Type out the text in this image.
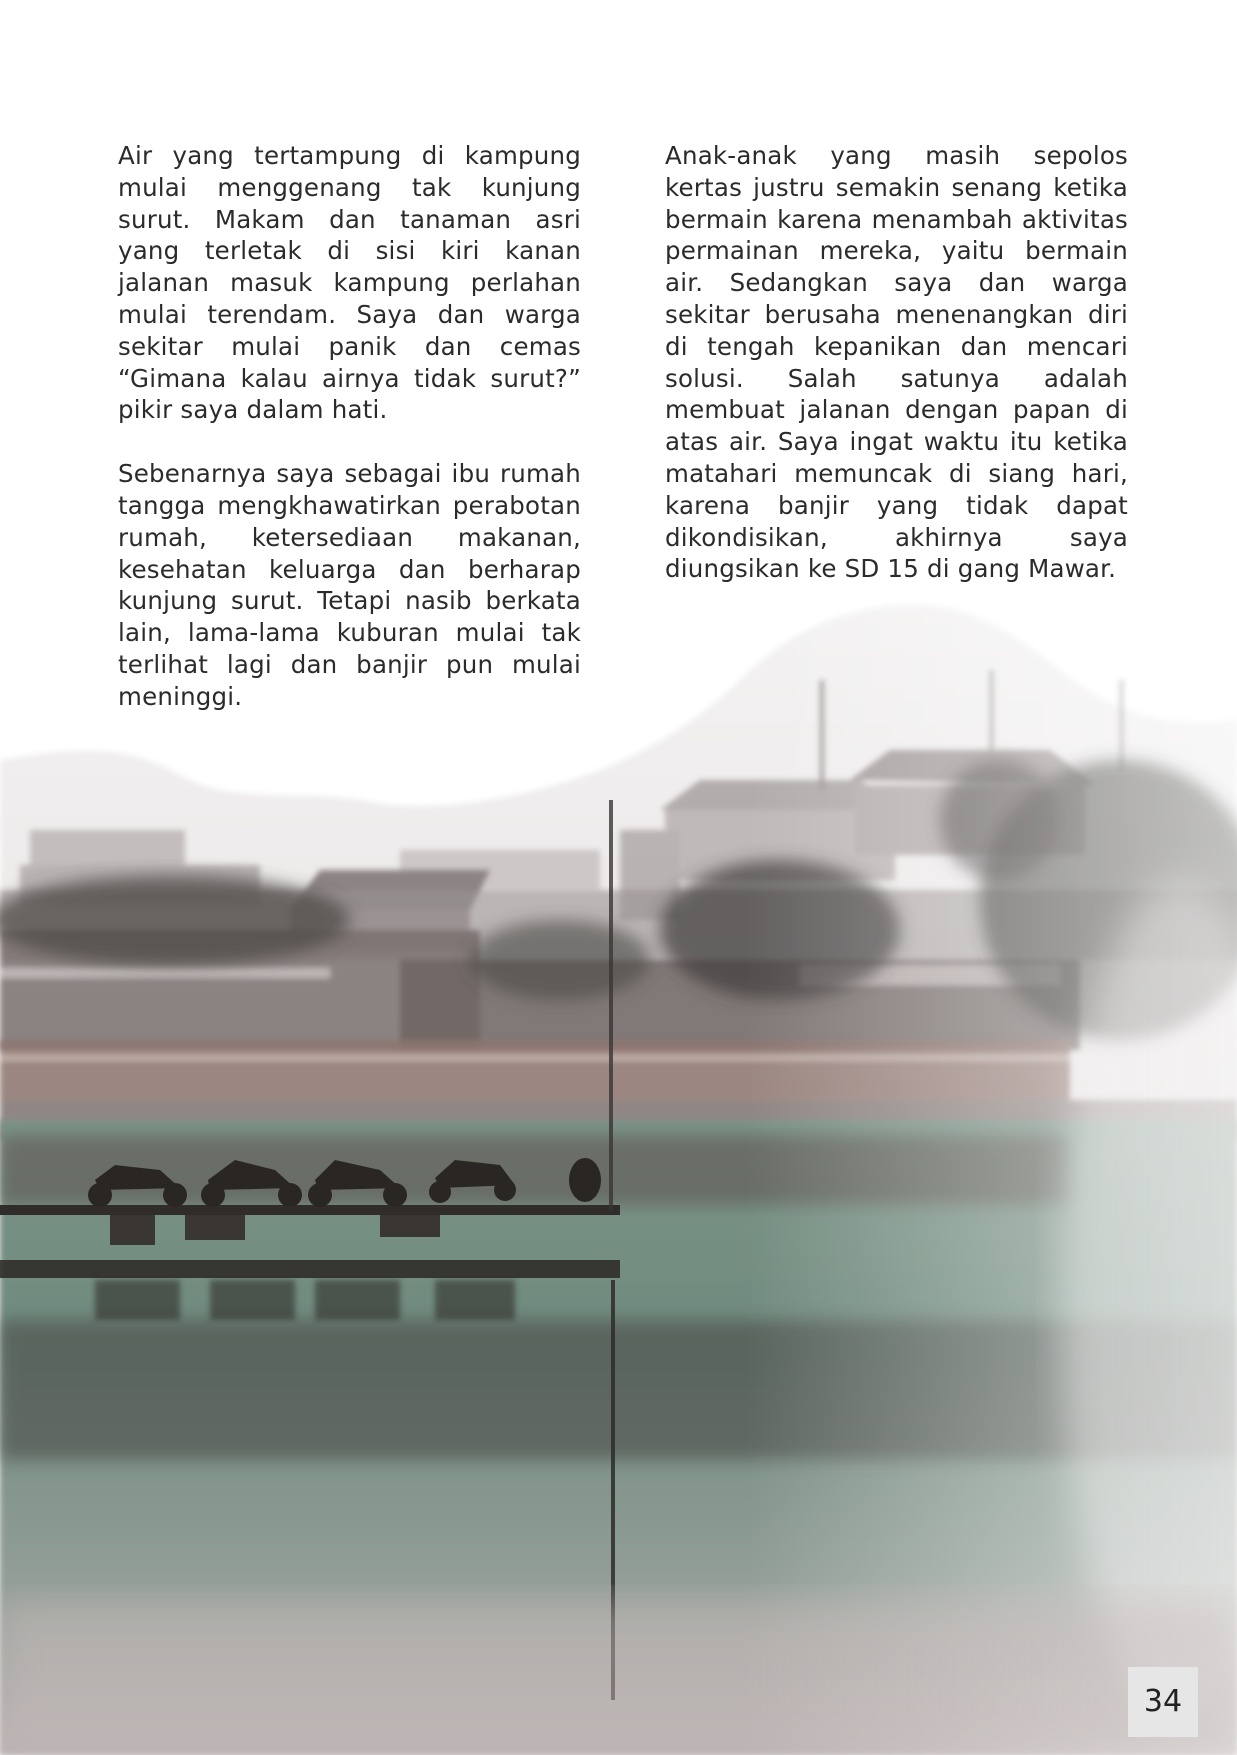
Air yang tertampung di kampung mulai menggenang tak kunjung surut. Makam dan tanaman asri yang terletak di sisi kiri kanan jalanan masuk kampung perlahan mulai terendam. Saya dan warga sekitar mulai panik dan cemas “Gimana kalau airnya tidak surut?” pikir saya dalam hati.

Sebenarnya saya sebagai ibu rumah tangga mengkhawatirkan perabotan rumah, ketersediaan makanan, kesehatan keluarga dan berharap

Anak-anak yang masih sepolos kertas justru semakin senang ketika bermain karena menambah aktivitas permainan mereka, yaitu bermain air. Sedangkan saya dan warga sekitar berusaha menenangkan diri di tengah kepanikan dan mencari solusi. Salah satunya adalah membuat jalanan dengan papan di atas air. Saya ingat waktu itu ketika matahari memuncak di siang hari, karena banjir yang tidak dapat dikondisikan, akhirnya saya diungsikan ke SD 15 di gang Mawar.

34
